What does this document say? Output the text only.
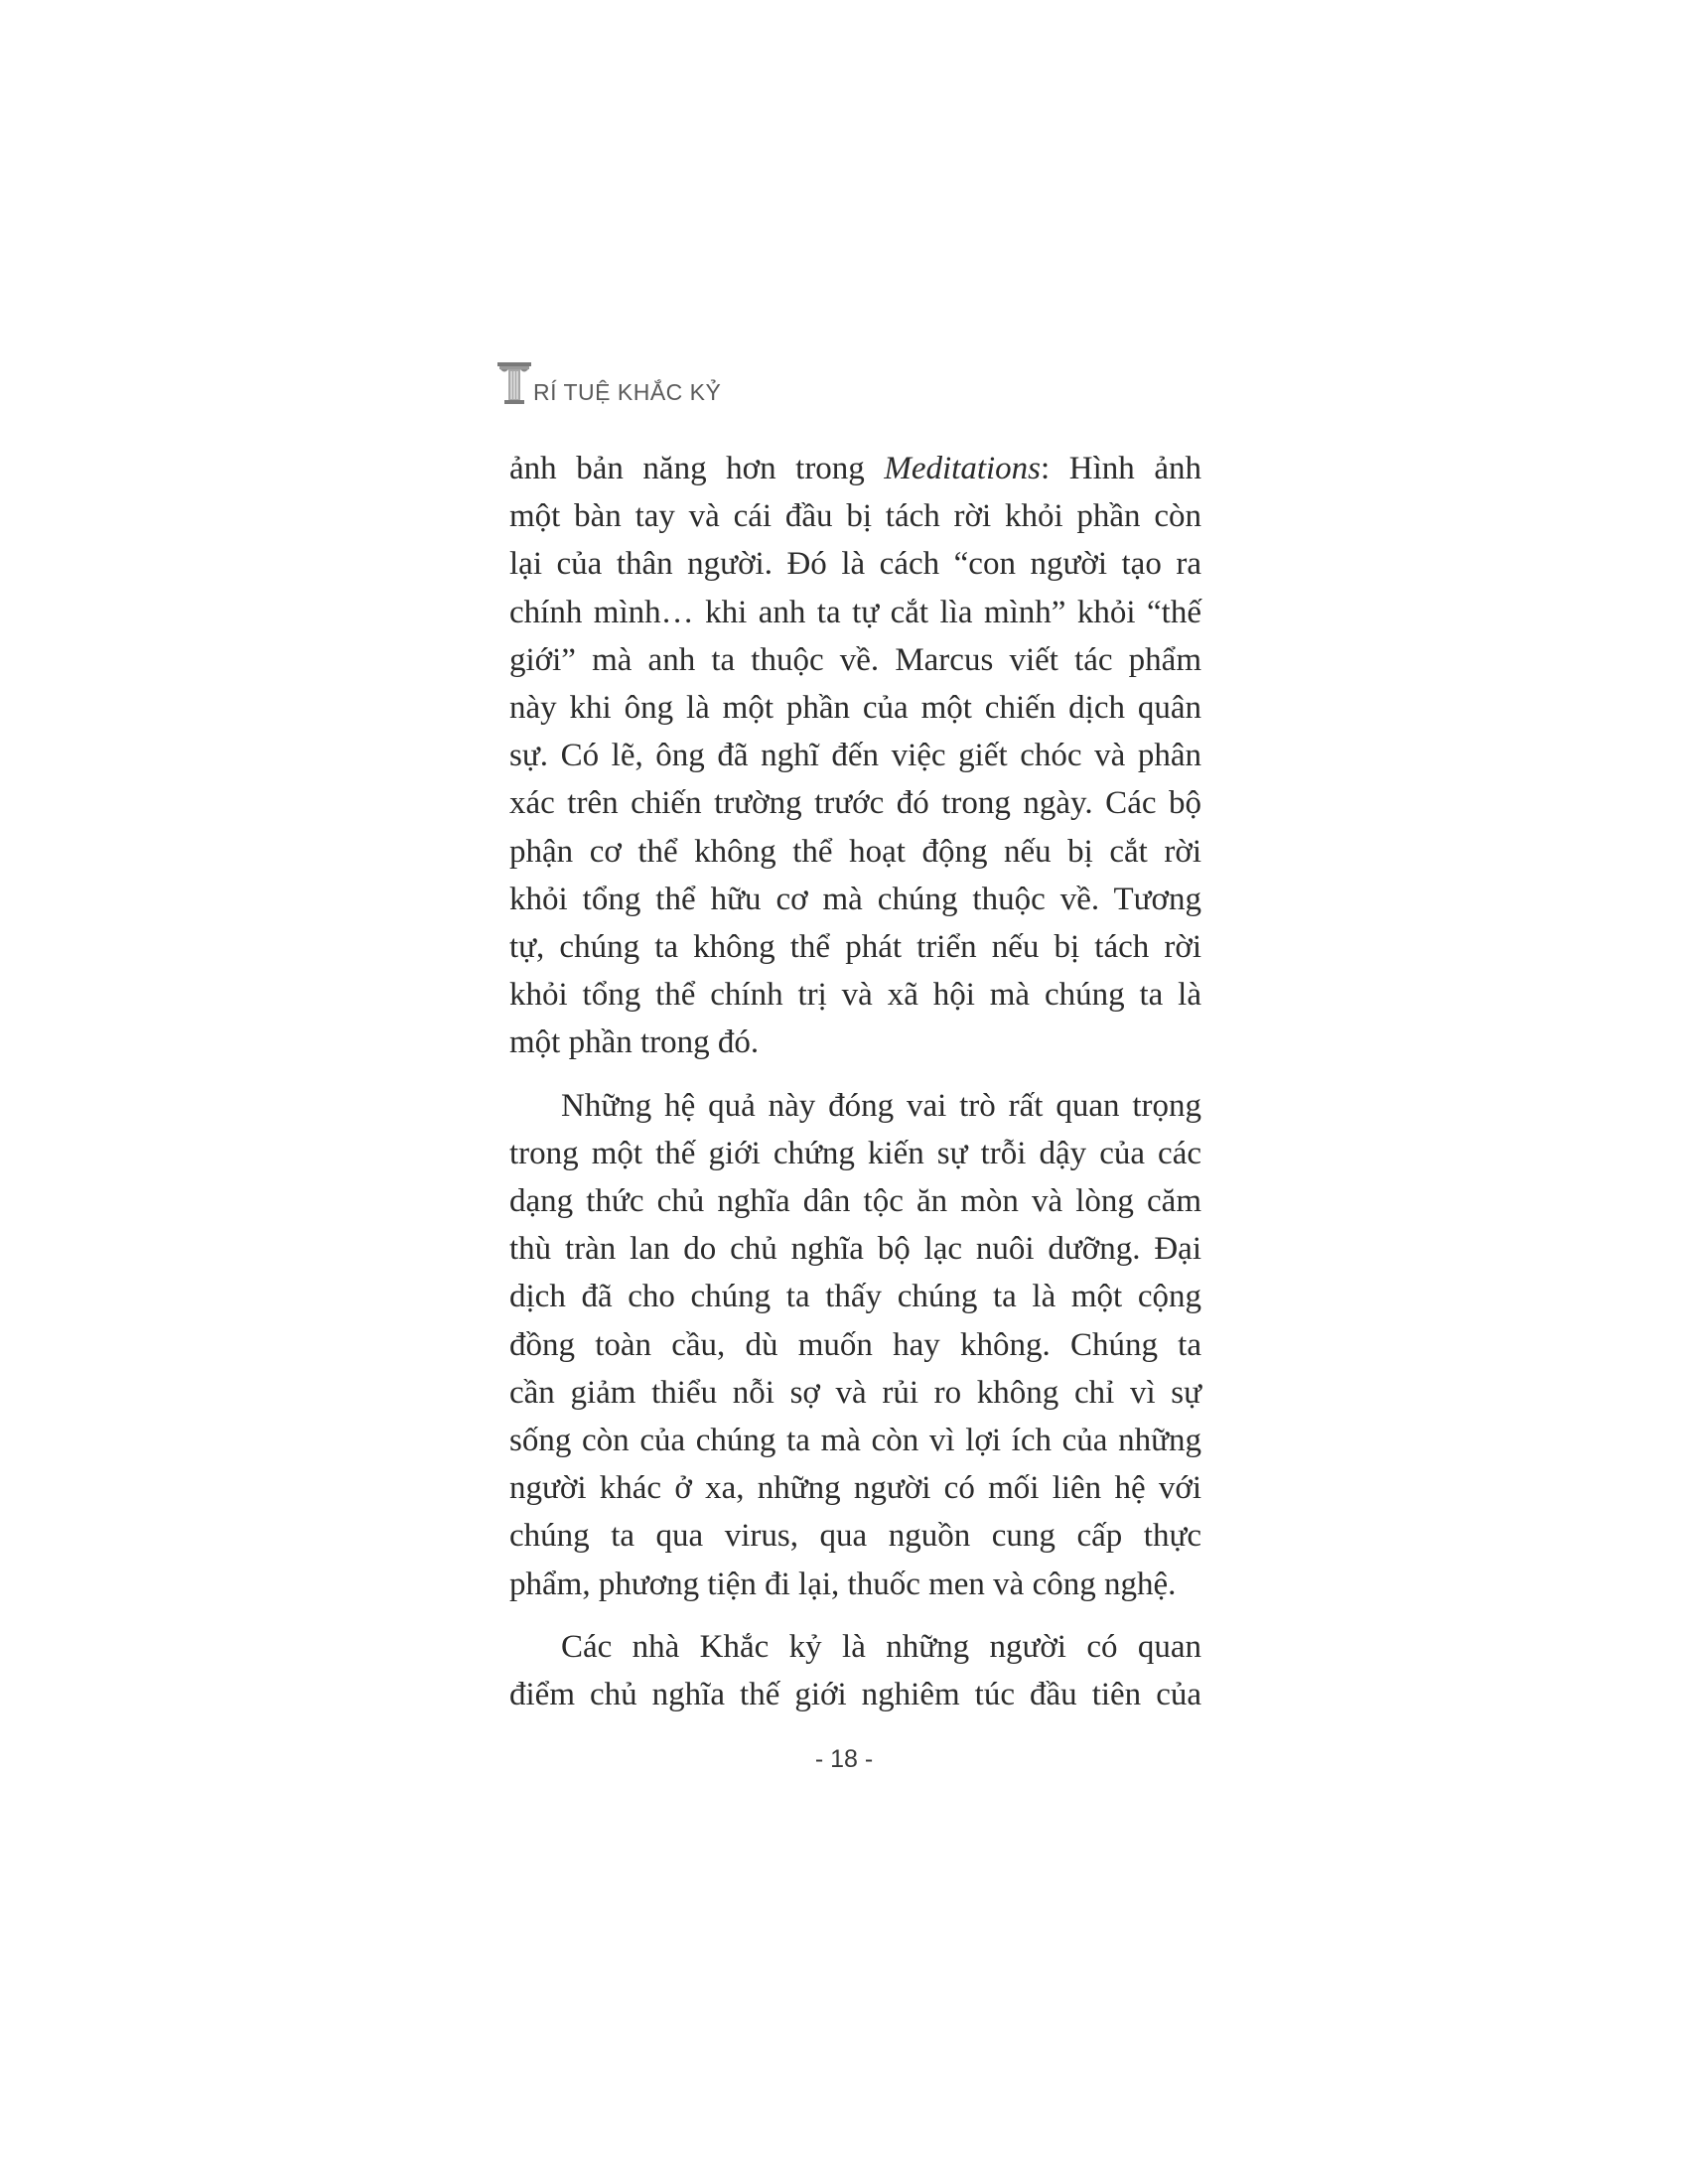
RÍ TUỆ KHẮC KỶ

ảnh bản năng hơn trong Meditations: Hình ảnh
một bàn tay và cái đầu bị tách rời khỏi phần còn
lại của thân người. Đó là cách “con người tạo ra
chính mình… khi anh ta tự cắt lìa mình” khỏi “thế
giới” mà anh ta thuộc về. Marcus viết tác phẩm
này khi ông là một phần của một chiến dịch quân
sự. Có lẽ, ông đã nghĩ đến việc giết chóc và phân
xác trên chiến trường trước đó trong ngày. Các bộ
phận cơ thể không thể hoạt động nếu bị cắt rời
khỏi tổng thể hữu cơ mà chúng thuộc về. Tương
tự, chúng ta không thể phát triển nếu bị tách rời
khỏi tổng thể chính trị và xã hội mà chúng ta là
một phần trong đó.

Những hệ quả này đóng vai trò rất quan trọng
trong một thế giới chứng kiến sự trỗi dậy của các
dạng thức chủ nghĩa dân tộc ăn mòn và lòng căm
thù tràn lan do chủ nghĩa bộ lạc nuôi dưỡng. Đại
dịch đã cho chúng ta thấy chúng ta là một cộng
đồng toàn cầu, dù muốn hay không. Chúng ta
cần giảm thiểu nỗi sợ và rủi ro không chỉ vì sự
sống còn của chúng ta mà còn vì lợi ích của những
người khác ở xa, những người có mối liên hệ với
chúng ta qua virus, qua nguồn cung cấp thực
phẩm, phương tiện đi lại, thuốc men và công nghệ.

Các nhà Khắc kỷ là những người có quan
điểm chủ nghĩa thế giới nghiêm túc đầu tiên của

- 18 -
